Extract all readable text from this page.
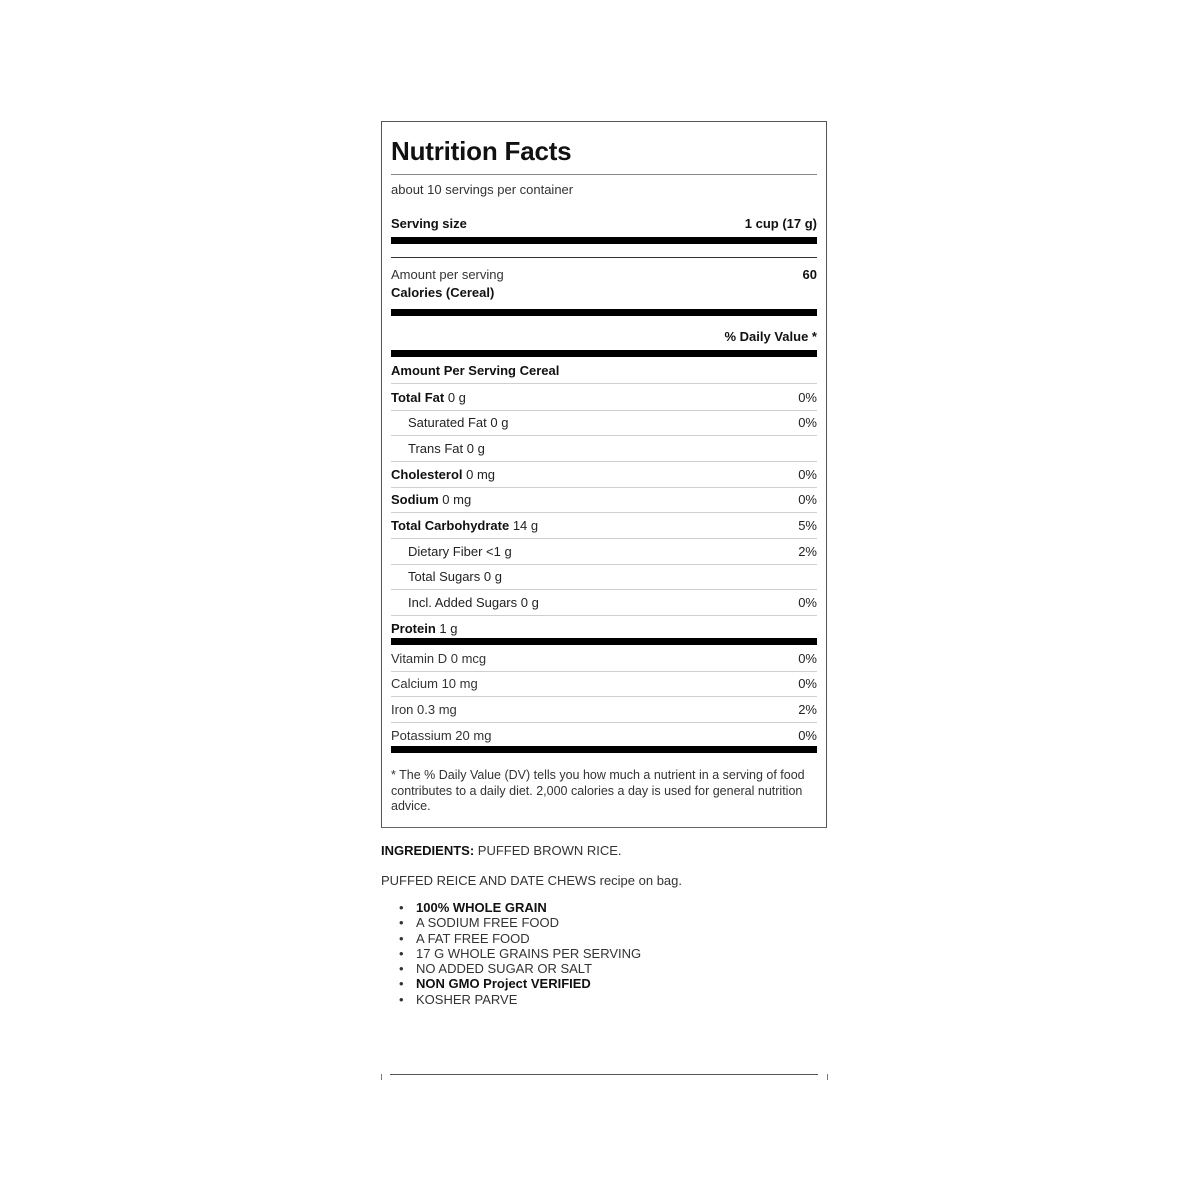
Nutrition Facts
about 10 servings per container
Serving size	1 cup (17 g)
Amount per serving	60
Calories (Cereal)
% Daily Value *
Amount Per Serving Cereal
Total Fat 0 g	0%
Saturated Fat 0 g	0%
Trans Fat 0 g
Cholesterol 0 mg	0%
Sodium 0 mg	0%
Total Carbohydrate 14 g	5%
Dietary Fiber <1 g	2%
Total Sugars 0 g
Incl. Added Sugars 0 g	0%
Protein 1 g
Vitamin D 0 mcg	0%
Calcium 10 mg	0%
Iron 0.3 mg	2%
Potassium 20 mg	0%
* The % Daily Value (DV) tells you how much a nutrient in a serving of food contributes to a daily diet. 2,000 calories a day is used for general nutrition advice.
INGREDIENTS: PUFFED BROWN RICE.
PUFFED REICE AND DATE CHEWS recipe on bag.
• 100% WHOLE GRAIN
• A SODIUM FREE FOOD
• A FAT FREE FOOD
• 17 G WHOLE GRAINS PER SERVING
• NO ADDED SUGAR OR SALT
• NON GMO Project VERIFIED
• KOSHER PARVE
